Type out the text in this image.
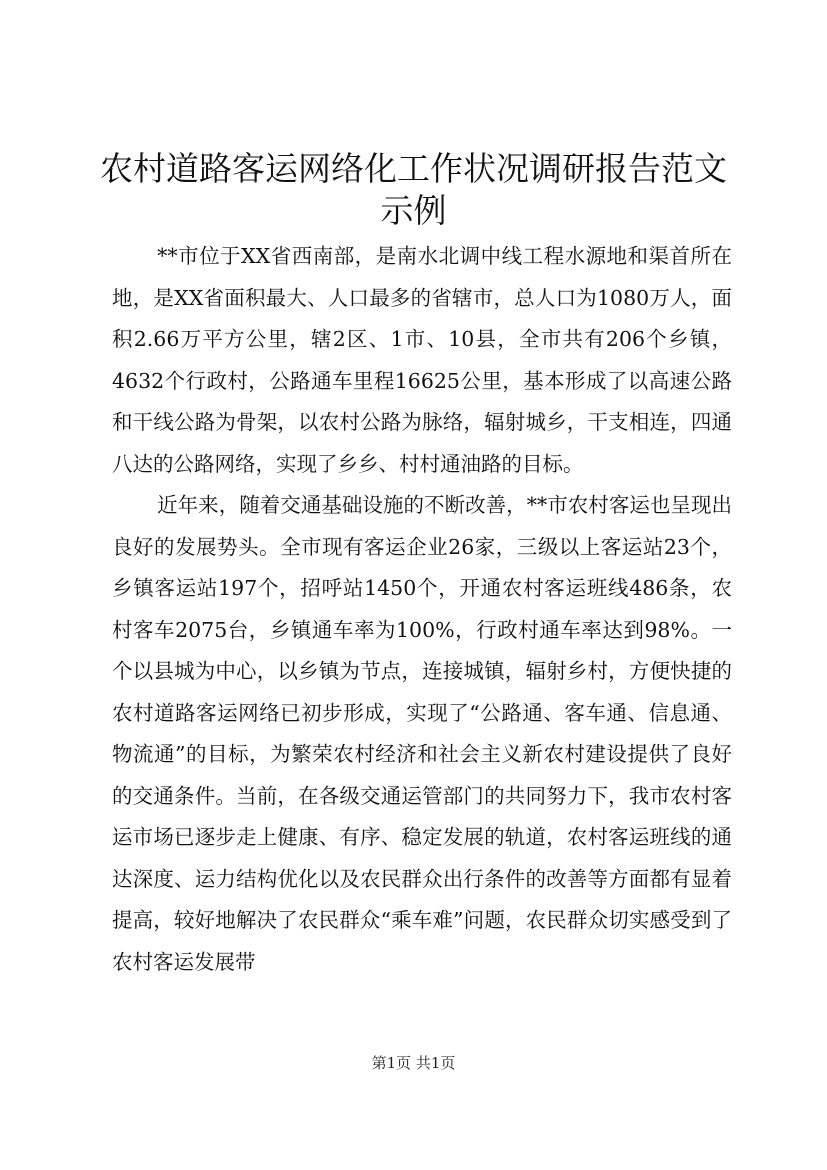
农村道路客运网络化工作状况调研报告范文示例

**市位于XX省西南部，是南水北调中线工程水源地和渠首所在地，是XX省面积最大、人口最多的省辖市，总人口为1080万人，面积2.66万平方公里，辖2区、1市、10县，全市共有206个乡镇，4632个行政村，公路通车里程16625公里，基本形成了以高速公路和干线公路为骨架，以农村公路为脉络，辐射城乡，干支相连，四通八达的公路网络，实现了乡乡、村村通油路的目标。

近年来，随着交通基础设施的不断改善，**市农村客运也呈现出良好的发展势头。全市现有客运企业26家，三级以上客运站23个，乡镇客运站197个，招呼站1450个，开通农村客运班线486条，农村客车2075台，乡镇通车率为100%，行政村通车率达到98%。一个以县城为中心，以乡镇为节点，连接城镇，辐射乡村，方便快捷的农村道路客运网络已初步形成，实现了“公路通、客车通、信息通、物流通”的目标，为繁荣农村经济和社会主义新农村建设提供了良好的交通条件。当前，在各级交通运管部门的共同努力下，我市农村客运市场已逐步走上健康、有序、稳定发展的轨道，农村客运班线的通达深度、运力结构优化以及农民群众出行条件的改善等方面都有显着提高，较好地解决了农民群众“乘车难”问题，农民群众切实感受到了农村客运发展带

第1页 共1页
